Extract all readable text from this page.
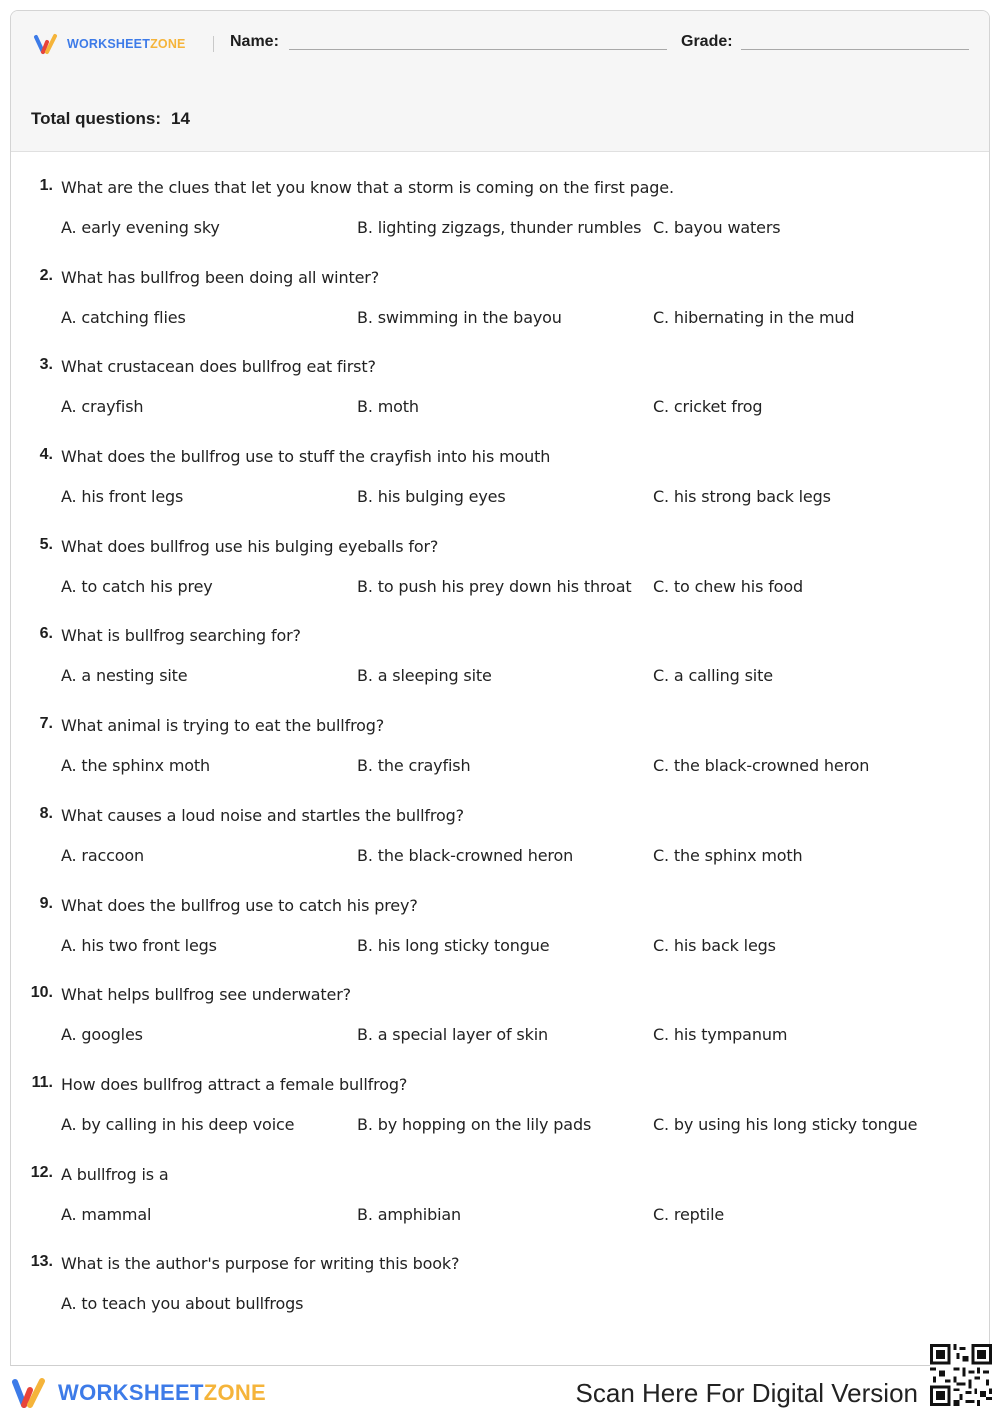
WORKSHEETZONE	Name:	Grade:
Total questions: 14
1. What are the clues that let you know that a storm is coming on the first page.
A. early evening sky	B. lighting zigzags, thunder rumbles C. bayou waters
2. What has bullfrog been doing all winter?
A. catching flies	B. swimming in the bayou	C. hibernating in the mud
3. What crustacean does bullfrog eat first?
A. crayfish	B. moth	C. cricket frog
4. What does the bullfrog use to stuff the crayfish into his mouth
A. his front legs	B. his bulging eyes	C. his strong back legs
5. What does bullfrog use his bulging eyeballs for?
A. to catch his prey	B. to push his prey down his throat C. to chew his food
6. What is bullfrog searching for?
A. a nesting site	B. a sleeping site	C. a calling site
7. What animal is trying to eat the bullfrog?
A. the sphinx moth	B. the crayfish	C. the black-crowned heron
8. What causes a loud noise and startles the bullfrog?
A. raccoon	B. the black-crowned heron	C. the sphinx moth
9. What does the bullfrog use to catch his prey?
A. his two front legs	B. his long sticky tongue	C. his back legs
10. What helps bullfrog see underwater?
A. googles	B. a special layer of skin	C. his tympanum
11. How does bullfrog attract a female bullfrog?
A. by calling in his deep voice	B. by hopping on the lily pads	C. by using his long sticky tongue
12. A bullfrog is a
A. mammal	B. amphibian	C. reptile
13. What is the author's purpose for writing this book?
A. to teach you about bullfrogs
WORKSHEETZONE	Scan Here For Digital Version
